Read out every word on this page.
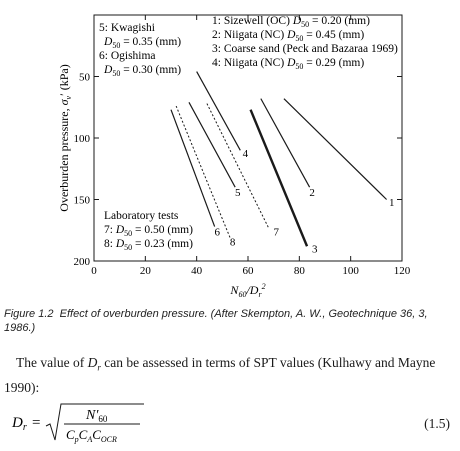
0	20	40	60	80	100	120
50
100
150
200
$N_{60}/D_r^2$
Overburden pressure, $\sigma_v'$ (kPa)
1
2
3
4
5
6	7
8
5: Kwagishi
$D_{50} = 0.35$ (mm)
6: Ogishima
$D_{50} = 0.30$ (mm)
1: Sizewell (OC) $D_{50} = 0.20$ (mm)
2: Niigata (NC) $D_{50} = 0.45$ (mm)
3: Coarse sand (Peck and Bazaraa 1969)
4: Niigata (NC) $D_{50} = 0.29$ (mm)
Laboratory tests
7: $D_{50} = 0.50$ (mm)
8: $D_{50} = 0.23$ (mm)
Figure 1.2 Effect of overburden pressure. (After Skempton, A. W., Geotechnique 36, 3, 1986.)
The value of $D_r$ can be assessed in terms of SPT values (Kulhawy and Mayne 1990):
$D_r$ =	$N'_{60}$
$C_pC_AC_{OCR}$
(1.5)
